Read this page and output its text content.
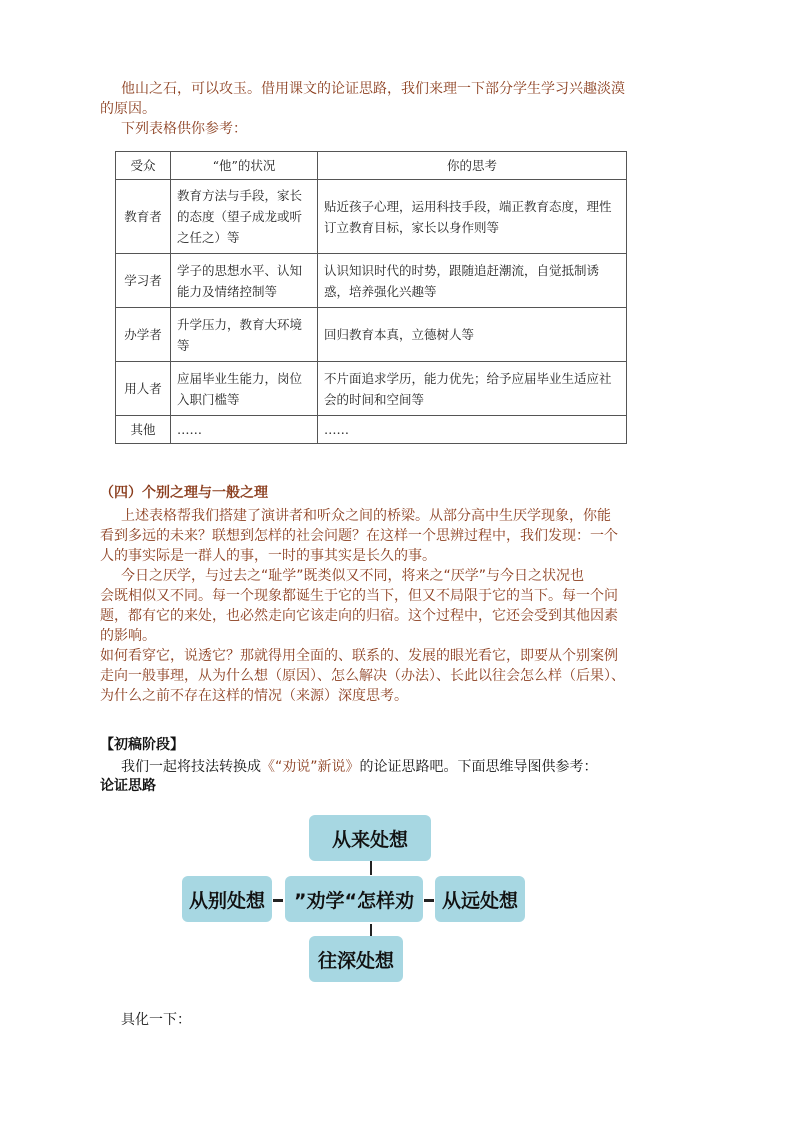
他山之石，可以攻玉。借用课文的论证思路，我们来理一下部分学生学习兴趣淡漠

的原因。

下列表格供你参考：

受众	“他”的状况	你的思考
教育者	教育方法与手段，家长的态度（望子成龙或听之任之）等	贴近孩子心理，运用科技手段，端正教育态度，理性订立教育目标，家长以身作则等
学习者	学子的思想水平、认知能力及情绪控制等	认识知识时代的时势，跟随追赶潮流，自觉抵制诱惑，培养强化兴趣等
办学者	升学压力，教育大环境等	回归教育本真，立德树人等
用人者	应届毕业生能力，岗位入职门槛等	不片面追求学历，能力优先；给予应届毕业生适应社会的时间和空间等
其他	……	……

（四）个别之理与一般之理

上述表格帮我们搭建了演讲者和听众之间的桥梁。从部分高中生厌学现象，你能

看到多远的未来？联想到怎样的社会问题？在这样一个思辨过程中，我们发现：一个

人的事实际是一群人的事，一时的事其实是长久的事。

今日之厌学，与过去之“耻学”既类似又不同，将来之“厌学”与今日之状况也

会既相似又不同。每一个现象都诞生于它的当下，但又不局限于它的当下。每一个问

题，都有它的来处，也必然走向它该走向的归宿。这个过程中，它还会受到其他因素

的影响。

如何看穿它，说透它？那就得用全面的、联系的、发展的眼光看它，即要从个别案例

走向一般事理，从为什么想（原因）、怎么解决（办法）、长此以往会怎么样（后果）、

为什么之前不存在这样的情况（来源）深度思考。

【初稿阶段】

我们一起将技法转换成《“劝说”新说》的论证思路吧。下面思维导图供参考：

论证思路

从来处想
从别处想	”劝学“怎样劝	从远处想
往深处想

具化一下：
